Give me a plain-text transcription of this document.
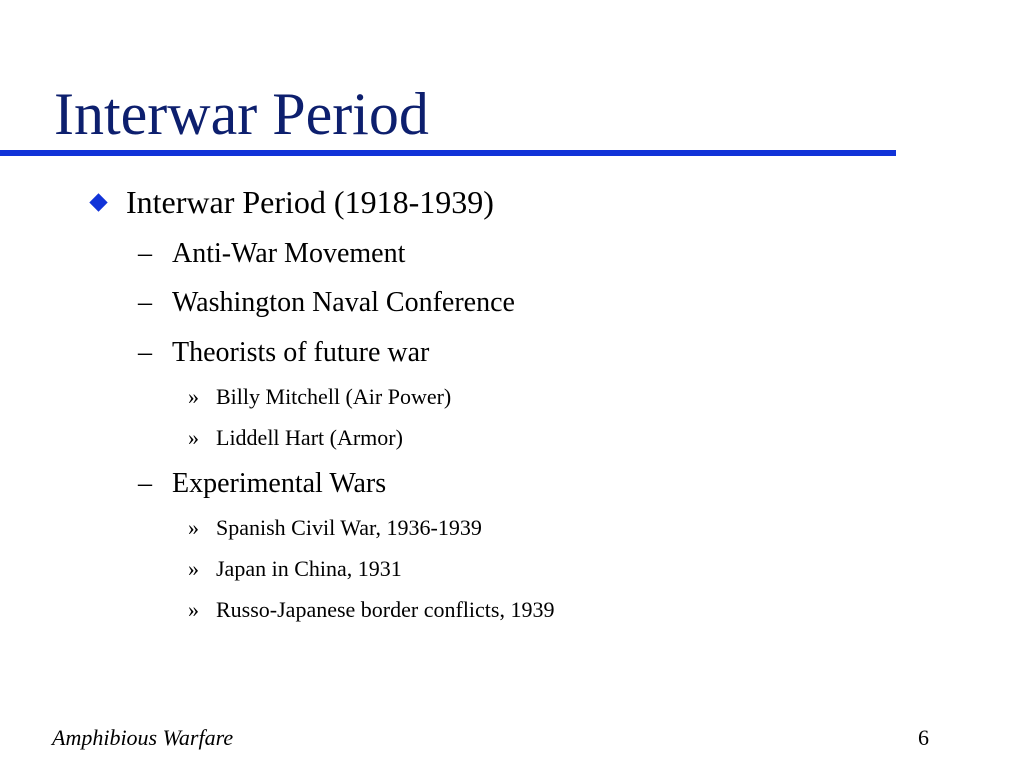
Interwar Period
Interwar Period (1918-1939)
– Anti-War Movement
– Washington Naval Conference
– Theorists of future war
» Billy Mitchell (Air Power)
» Liddell Hart (Armor)
– Experimental Wars
» Spanish Civil War, 1936-1939
» Japan in China, 1931
» Russo-Japanese border conflicts, 1939
Amphibious Warfare	6
